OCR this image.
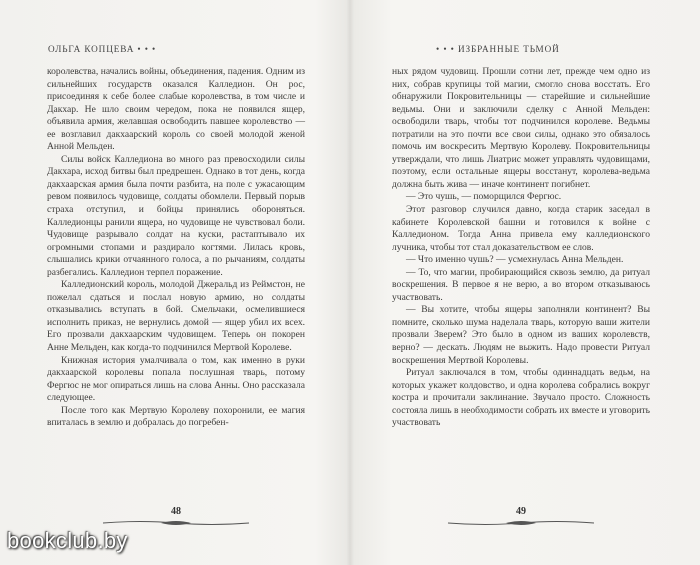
ОЛЬГА КОПЦЕВА • • •

королевства, начались войны, объединения, падения. Одним из сильнейших государств оказался Калледион. Он рос, присоединяя к себе более слабые королевства, в том числе и Дакхар. Не шло своим чередом, пока не появился ящер, объявила армия, желавшая освободить павшее королевство — ее возглавил дакхаарский король со своей молодой женой Анной Мельден.

Силы войск Калледиона во много раз превосходили силы Дакхара, исход битвы был предрешен. Однако в тот день, когда дакхаарская армия была почти разбита, на поле с ужасающим ревом появилось чудовище, солдаты обомлели. Первый порыв страха отступил, и бойцы принялись обороняться. Калледионцы ранили ящера, но чудовище не чувствовал боли. Чудовище разрывало солдат на куски, растаптывало их огромными стопами и раздирало когтями. Лилась кровь, слышались крики отчаянного голоса, а по рычаниям, солдаты разбегались. Калледион терпел поражение.

Калледионский король, молодой Джеральд из Реймстон, не пожелал сдаться и послал новую армию, но солдаты отказывались вступать в бой. Смельчаки, осмелившиеся исполнить приказ, не вернулись домой — ящер убил их всех. Его прозвали дакхаарским чудовищем. Теперь он покорен Анне Мельден, как когда-то подчинился Мертвой Королеве.

Книжная история умалчивала о том, как именно в руки дакхаарской королевы попала послушная тварь, потому Фергюс не мог опираться лишь на слова Анны. Оно рассказала следующее.

После того как Мертвую Королеву похоронили, ее магия впиталась в землю и добралась до погребен-

48
• • • ИЗБРАННЫЕ ТЬМОЙ

ных рядом чудовищ. Прошли сотни лет, прежде чем одно из них, собрав крупицы той магии, смогло снова восстать. Его обнаружили Покровительницы — старейшие и сильнейшие ведьмы. Они и заключили сделку с Анной Мельден: освободили тварь, чтобы тот подчинился королеве. Ведьмы потратили на это почти все свои силы, однако это обязалось помочь им воскресить Мертвую Королеву. Покровительницы утверждали, что лишь Лиатрис может управлять чудовищами, поэтому, если остальные ящеры восстанут, королева-ведьма должна быть жива — иначе континент погибнет.

— Это чушь, — поморщился Фергюс.

Этот разговор случился давно, когда старик заседал в кабинете Королевской башни и готовился к войне с Калледионом. Тогда Анна привела ему калледионского лучника, чтобы тот стал доказательством ее слов.

— Что именно чушь? — усмехнулась Анна Мельден.

— То, что магии, пробирающийся сквозь землю, да ритуал воскрешения. В первое я не верю, а во втором отказываюсь участвовать.

— Вы хотите, чтобы ящеры заполняли континент? Вы помните, сколько шума наделала тварь, которую ваши жители прозвали Зверем? Это было в одном из ваших королевств, верно? — дескать. Людям не выжить. Надо провести Ритуал воскрешения Мертвой Королевы.

Ритуал заключался в том, чтобы одиннадцать ведьм, на которых укажет колдовство, и одна королева собрались вокруг костра и прочитали заклинание. Звучало просто. Сложность состояла лишь в необходимости собрать их вместе и уговорить участвовать

49
bookclub.by
